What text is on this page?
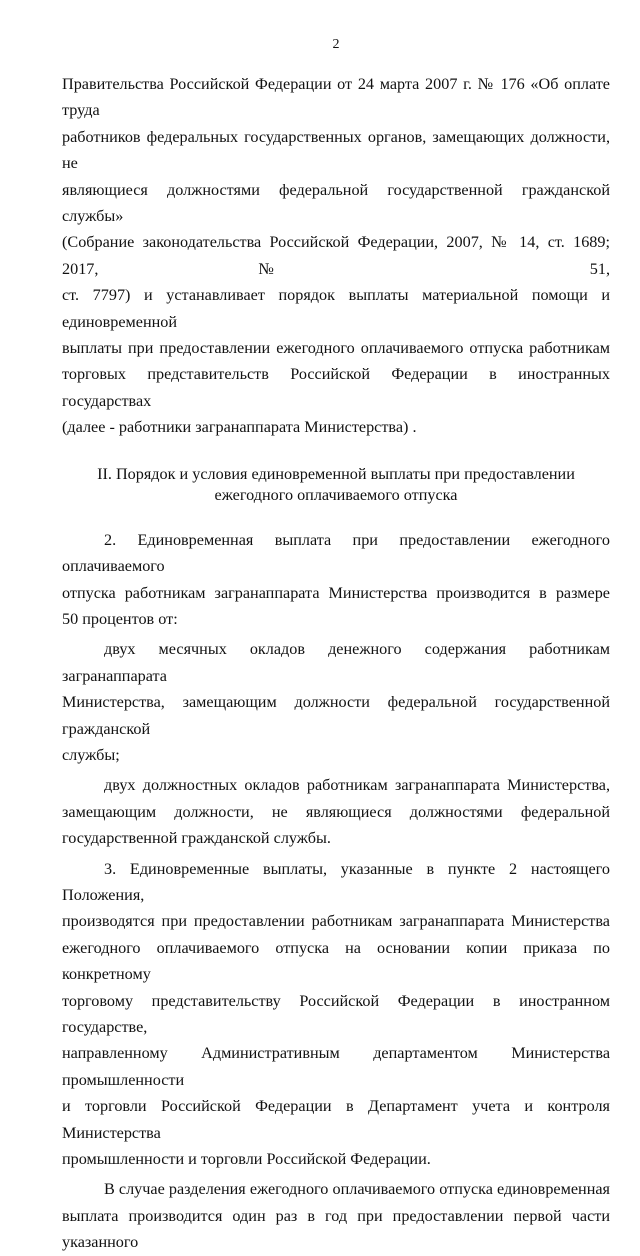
2
Правительства Российской Федерации от 24 марта 2007 г. № 176 «Об оплате труда
работников федеральных государственных органов, замещающих должности, не
являющиеся должностями федеральной государственной гражданской службы»
(Собрание законодательства Российской Федерации, 2007, № 14, ст. 1689; 2017, № 51,
ст. 7797) и устанавливает порядок выплаты материальной помощи и единовременной
выплаты при предоставлении ежегодного оплачиваемого отпуска работникам
торговых представительств Российской Федерации в иностранных государствах
(далее - работники загранаппарата Министерства) .
II. Порядок и условия единовременной выплаты при предоставлении
ежегодного оплачиваемого отпуска
2. Единовременная выплата при предоставлении ежегодного оплачиваемого
отпуска работникам загранаппарата Министерства производится в размере
50 процентов от:
двух месячных окладов денежного содержания работникам загранаппарата
Министерства, замещающим должности федеральной государственной гражданской
службы;
двух должностных окладов работникам загранаппарата Министерства,
замещающим должности, не являющиеся должностями федеральной
государственной гражданской службы.
3. Единовременные выплаты, указанные в пункте 2 настоящего Положения,
производятся при предоставлении работникам загранаппарата Министерства
ежегодного оплачиваемого отпуска на основании копии приказа по конкретному
торговому представительству Российской Федерации в иностранном государстве,
направленному Административным департаментом Министерства промышленности
и торговли Российской Федерации в Департамент учета и контроля Министерства
промышленности и торговли Российской Федерации.
В случае разделения ежегодного оплачиваемого отпуска единовременная
выплата производится один раз в год при предоставлении первой части указанного
